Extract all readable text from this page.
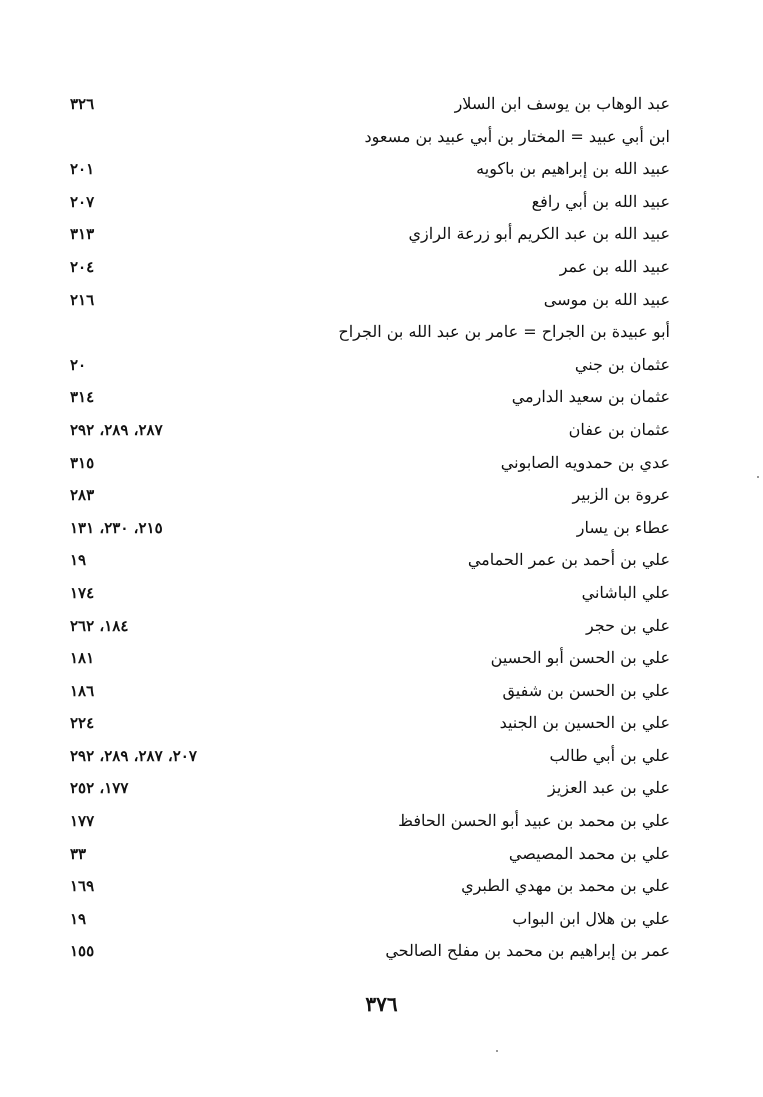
عبد الوهاب بن يوسف ابن السلار
٣٢٦
ابن أبي عبيد = المختار بن أبي عبيد بن مسعود
عبيد الله بن إبراهيم بن باكويه
٢٠١
عبيد الله بن أبي رافع
٢٠٧
عبيد الله بن عبد الكريم أبو زرعة الرازي
٣١٣
عبيد الله بن عمر
٢٠٤
عبيد الله بن موسى
٢١٦
أبو عبيدة بن الجراح = عامر بن عبد الله بن الجراح
عثمان بن جني
٢٠
عثمان بن سعيد الدارمي
٣١٤
عثمان بن عفان
٢٨٧، ٢٨٩، ٢٩٢
عدي بن حمدويه الصابوني
٣١٥
عروة بن الزبير
٢٨٣
عطاء بن يسار
٢١٥، ٢٣٠، ١٣١
علي بن أحمد بن عمر الحمامي
١٩
علي الباشاني
١٧٤
علي بن حجر
١٨٤، ٢٦٢
علي بن الحسن أبو الحسين
١٨١
علي بن الحسن بن شفيق
١٨٦
علي بن الحسين بن الجنيد
٢٢٤
علي بن أبي طالب
٢٠٧، ٢٨٧، ٢٨٩، ٢٩٢
علي بن عبد العزيز
١٧٧، ٢٥٢
علي بن محمد بن عبيد أبو الحسن الحافظ
١٧٧
علي بن محمد المصيصي
٣٣
علي بن محمد بن مهدي الطبري
١٦٩
علي بن هلال ابن البواب
١٩
عمر بن إبراهيم بن محمد بن مفلح الصالحي
١٥٥
٣٧٦
